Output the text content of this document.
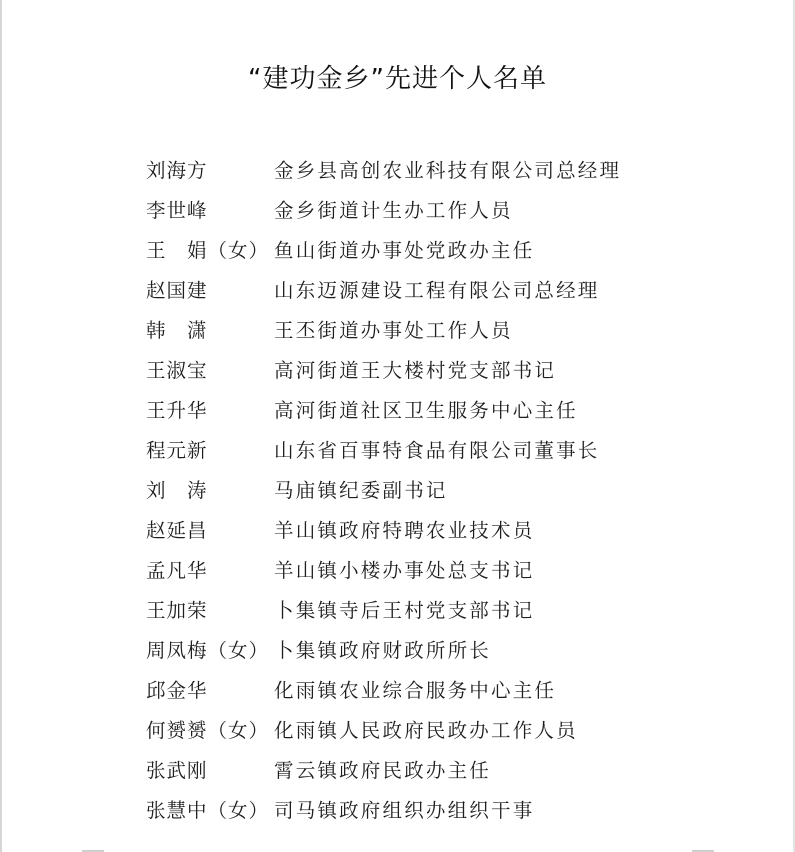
“建功金乡”先进个人名单
刘海方	金乡县高创农业科技有限公司总经理
李世峰	金乡街道计生办工作人员
王　娟（女） 鱼山街道办事处党政办主任
赵国建	山东迈源建设工程有限公司总经理
韩　潇	王丕街道办事处工作人员
王淑宝	高河街道王大楼村党支部书记
王升华	高河街道社区卫生服务中心主任
程元新	山东省百事特食品有限公司董事长
刘　涛	马庙镇纪委副书记
赵延昌	羊山镇政府特聘农业技术员
孟凡华	羊山镇小楼办事处总支书记
王加荣	卜集镇寺后王村党支部书记
周凤梅（女） 卜集镇政府财政所所长
邱金华	化雨镇农业综合服务中心主任
何赟赟（女） 化雨镇人民政府民政办工作人员
张武刚	霄云镇政府民政办主任
张慧中（女） 司马镇政府组织办组织干事
